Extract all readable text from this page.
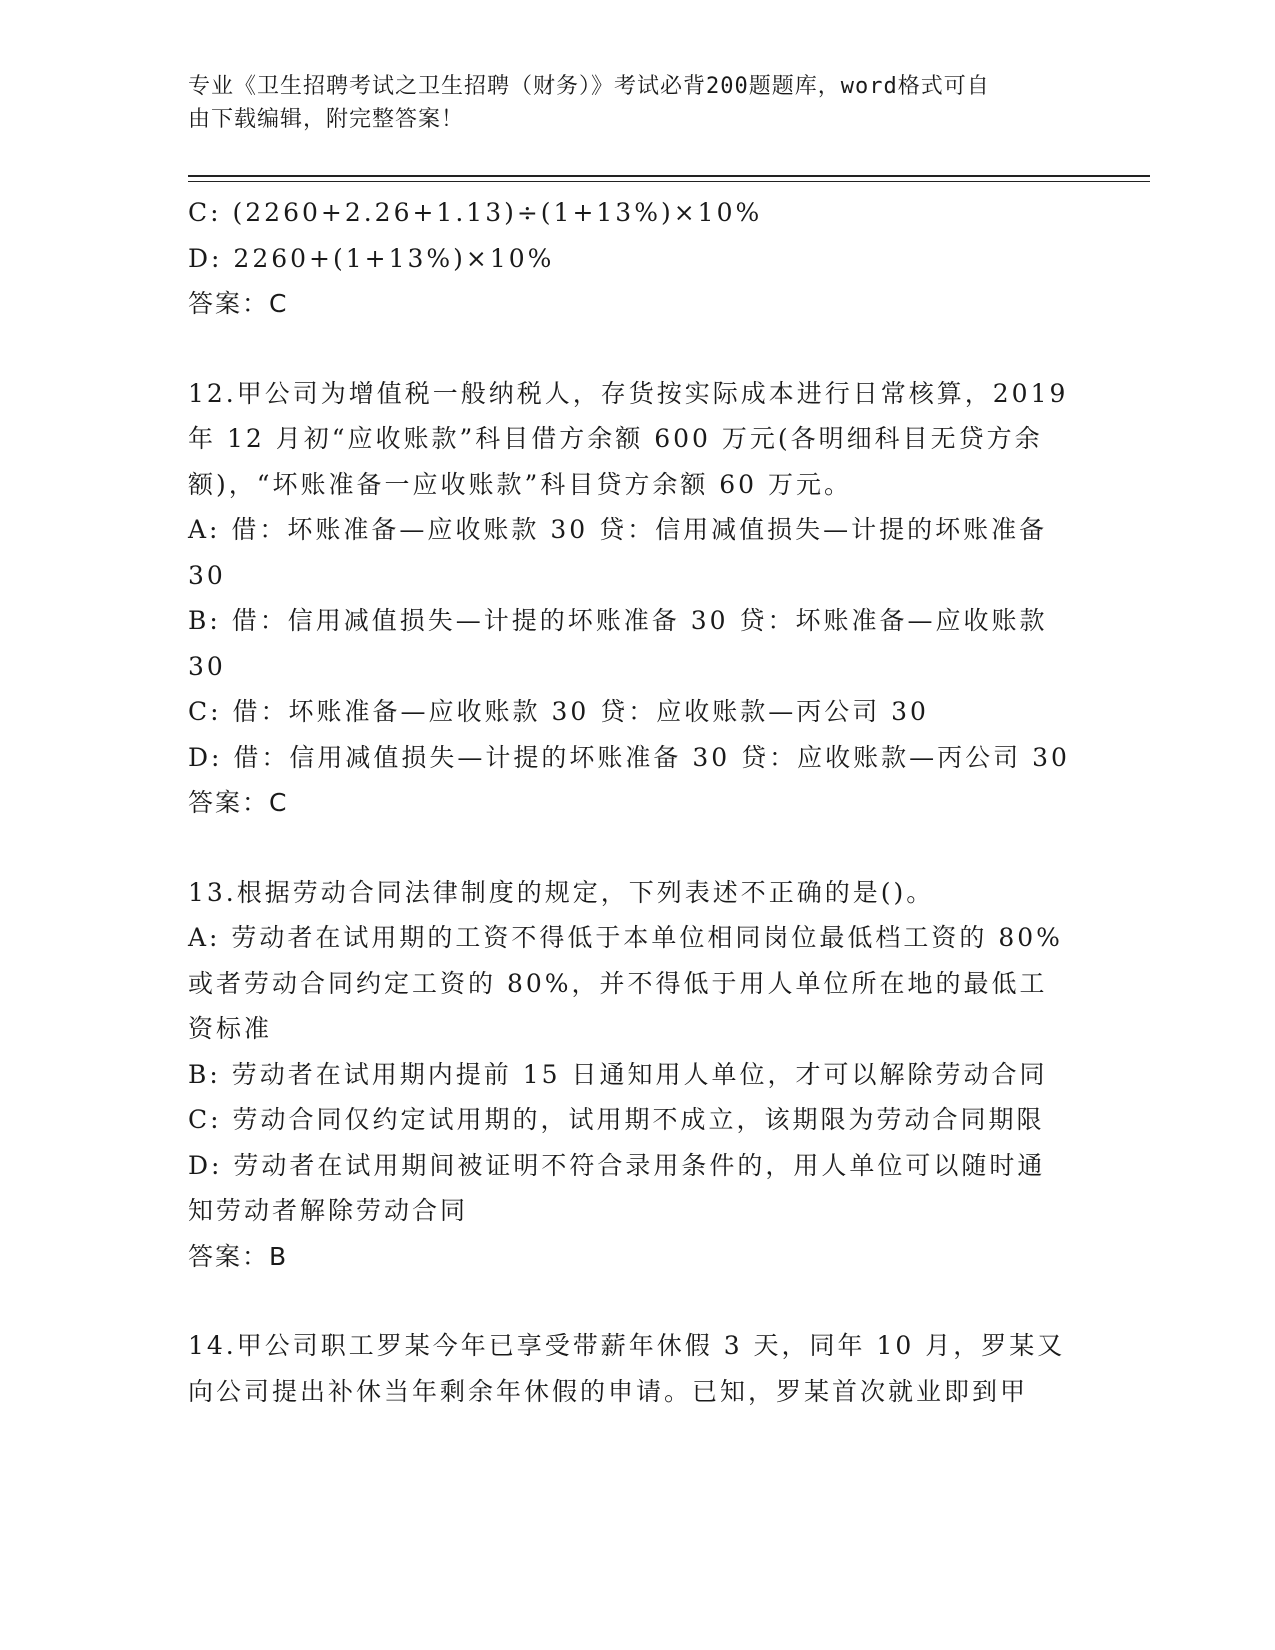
专业《卫生招聘考试之卫生招聘（财务）》考试必背200题题库，word格式可自
由下载编辑，附完整答案！
C: (2260+2.26+1.13)÷(1+13%)×10%
D: 2260+(1+13%)×10%
答案：C
12.甲公司为增值税一般纳税人，存货按实际成本进行日常核算，2019
年 12 月初“应收账款”科目借方余额 600 万元(各明细科目无贷方余
额)，“坏账准备一应收账款”科目贷方余额 60 万元。
A: 借：坏账准备—应收账款 30 贷：信用减值损失—计提的坏账准备
30
B: 借：信用减值损失—计提的坏账准备 30 贷：坏账准备—应收账款
30
C: 借：坏账准备—应收账款 30 贷：应收账款—丙公司 30
D: 借：信用减值损失—计提的坏账准备 30 贷：应收账款—丙公司 30
答案：C
13.根据劳动合同法律制度的规定，下列表述不正确的是()。
A: 劳动者在试用期的工资不得低于本单位相同岗位最低档工资的 80%
或者劳动合同约定工资的 80%，并不得低于用人单位所在地的最低工
资标准
B: 劳动者在试用期内提前 15 日通知用人单位，才可以解除劳动合同
C: 劳动合同仅约定试用期的，试用期不成立，该期限为劳动合同期限
D: 劳动者在试用期间被证明不符合录用条件的，用人单位可以随时通
知劳动者解除劳动合同
答案：B
14.甲公司职工罗某今年已享受带薪年休假 3 天，同年 10 月，罗某又
向公司提出补休当年剩余年休假的申请。已知，罗某首次就业即到甲
